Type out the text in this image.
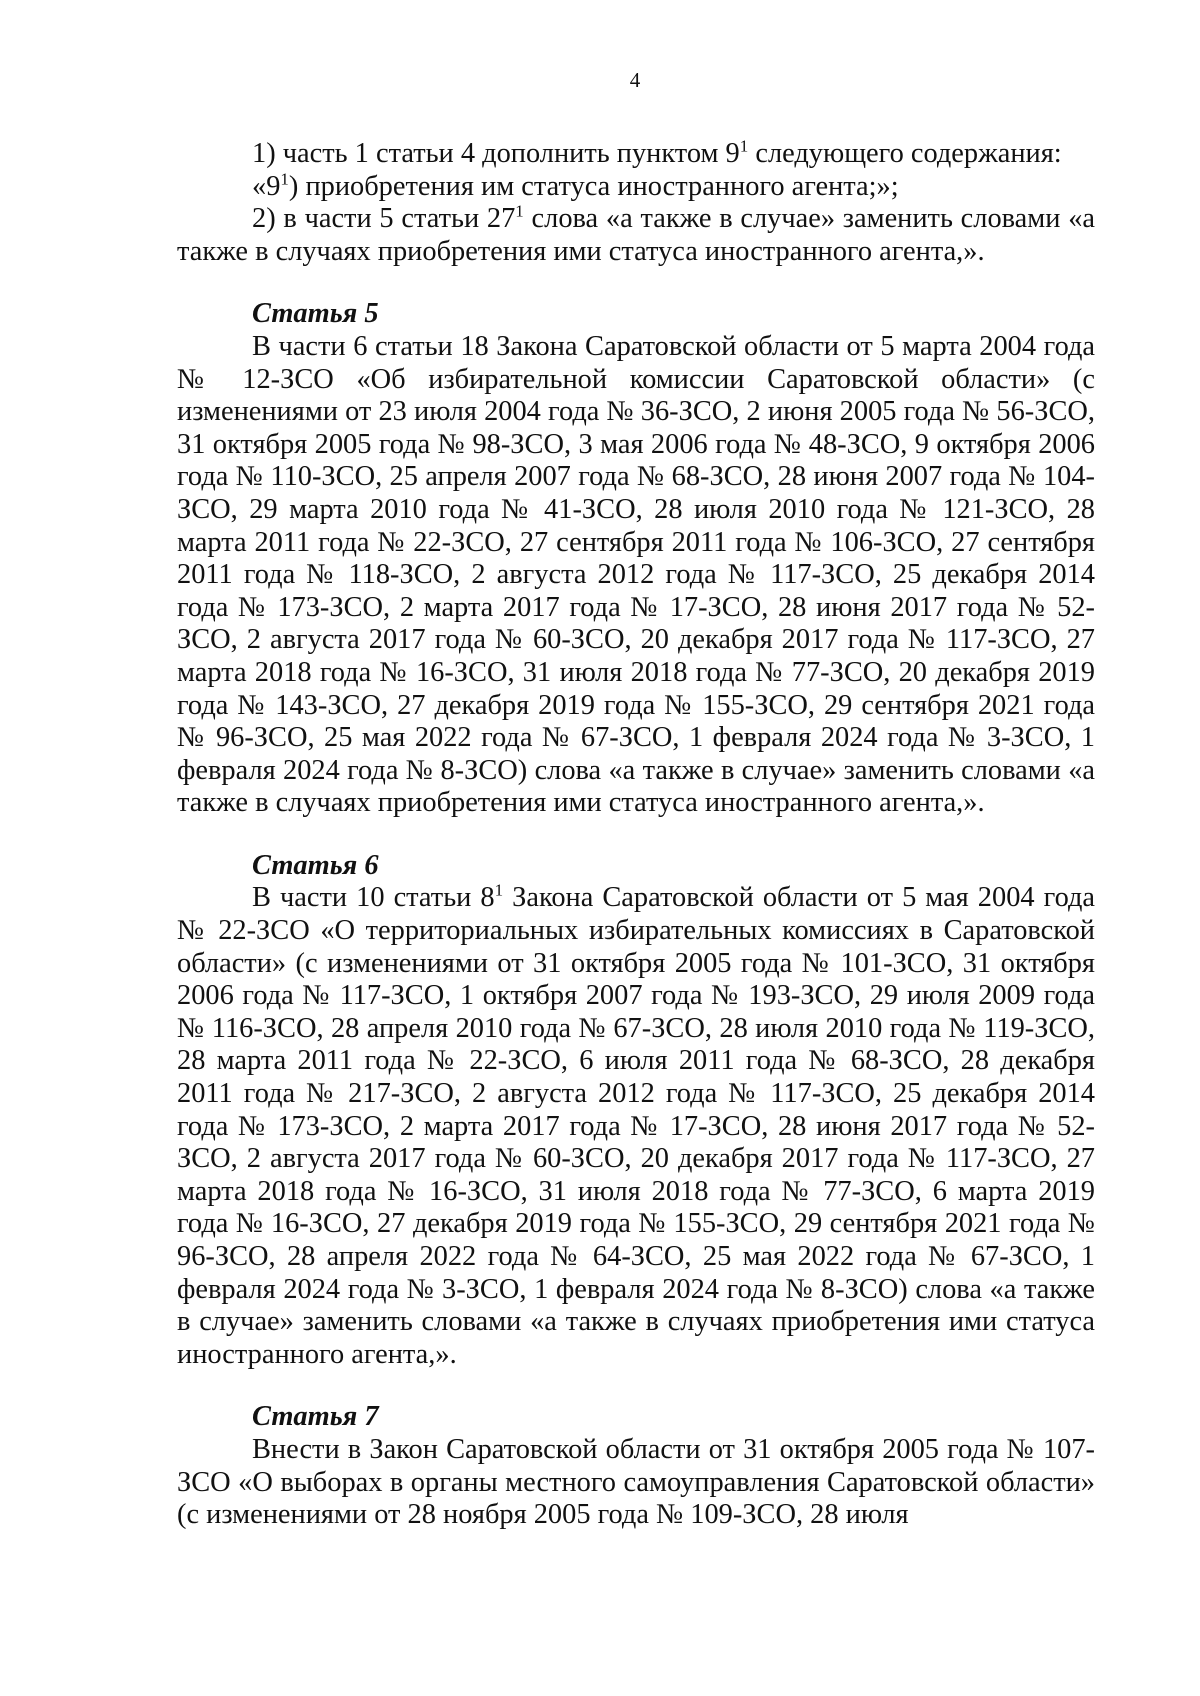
4

1) часть 1 статьи 4 дополнить пунктом $9^1$ следующего содержания:

«$9^1$) приобретения им статуса иностранного агента;»;

2) в части 5 статьи $27^1$ слова «а также в случае» заменить словами «а также в случаях приобретения ими статуса иностранного агента,».

Статья 5

В части 6 статьи 18 Закона Саратовской области от 5 марта 2004 года № 12-ЗСО «Об избирательной комиссии Саратовской области» (с изменениями от 23 июля 2004 года № 36-ЗСО, 2 июня 2005 года № 56-ЗСО, 31 октября 2005 года № 98-ЗСО, 3 мая 2006 года № 48-ЗСО, 9 октября 2006 года № 110-ЗСО, 25 апреля 2007 года № 68-ЗСО, 28 июня 2007 года № 104-ЗСО, 29 марта 2010 года № 41-ЗСО, 28 июля 2010 года № 121-ЗСО, 28 марта 2011 года № 22-ЗСО, 27 сентября 2011 года № 106-ЗСО, 27 сентября 2011 года № 118-ЗСО, 2 августа 2012 года № 117-ЗСО, 25 декабря 2014 года № 173-ЗСО, 2 марта 2017 года № 17-ЗСО, 28 июня 2017 года № 52-ЗСО, 2 августа 2017 года № 60-ЗСО, 20 декабря 2017 года № 117-ЗСО, 27 марта 2018 года № 16-ЗСО, 31 июля 2018 года № 77-ЗСО, 20 декабря 2019 года № 143-ЗСО, 27 декабря 2019 года № 155-ЗСО, 29 сентября 2021 года № 96-ЗСО, 25 мая 2022 года № 67-ЗСО, 1 февраля 2024 года № 3-ЗСО, 1 февраля 2024 года № 8-ЗСО) слова «а также в случае» заменить словами «а также в случаях приобретения ими статуса иностранного агента,».

Статья 6

В части 10 статьи $8^1$ Закона Саратовской области от 5 мая 2004 года № 22-ЗСО «О территориальных избирательных комиссиях в Саратовской области» (с изменениями от 31 октября 2005 года № 101-ЗСО, 31 октября 2006 года № 117-ЗСО, 1 октября 2007 года № 193-ЗСО, 29 июля 2009 года № 116-ЗСО, 28 апреля 2010 года № 67-ЗСО, 28 июля 2010 года № 119-ЗСО, 28 марта 2011 года № 22-ЗСО, 6 июля 2011 года № 68-ЗСО, 28 декабря 2011 года № 217-ЗСО, 2 августа 2012 года № 117-ЗСО, 25 декабря 2014 года № 173-ЗСО, 2 марта 2017 года № 17-ЗСО, 28 июня 2017 года № 52-ЗСО, 2 августа 2017 года № 60-ЗСО, 20 декабря 2017 года № 117-ЗСО, 27 марта 2018 года № 16-ЗСО, 31 июля 2018 года № 77-ЗСО, 6 марта 2019 года № 16-ЗСО, 27 декабря 2019 года № 155-ЗСО, 29 сентября 2021 года № 96-ЗСО, 28 апреля 2022 года № 64-ЗСО, 25 мая 2022 года № 67-ЗСО, 1 февраля 2024 года № 3-ЗСО, 1 февраля 2024 года № 8-ЗСО) слова «а также в случае» заменить словами «а также в случаях приобретения ими статуса иностранного агента,».

Статья 7

Внести в Закон Саратовской области от 31 октября 2005 года № 107-ЗСО «О выборах в органы местного самоуправления Саратовской области» (с изменениями от 28 ноября 2005 года № 109-ЗСО, 28 июля
